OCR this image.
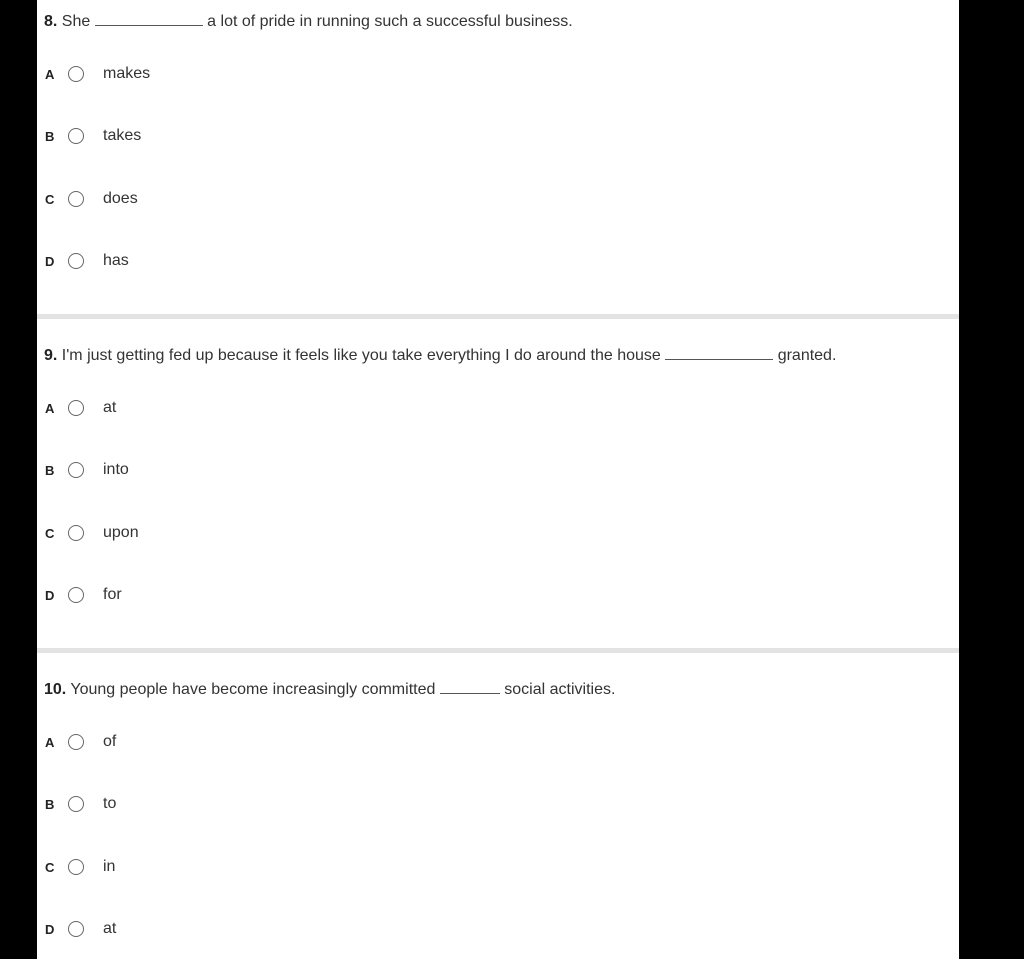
8. She	a lot of pride in running such a successful business.
A	makes
B	takes
C	does
D	has
9. I'm just getting fed up because it feels like you take everything I do around the house	granted.
A	at
B	into
C	upon
D	for
10. Young people have become increasingly committed	social activities.
A	of
B	to
C	in
D	at
